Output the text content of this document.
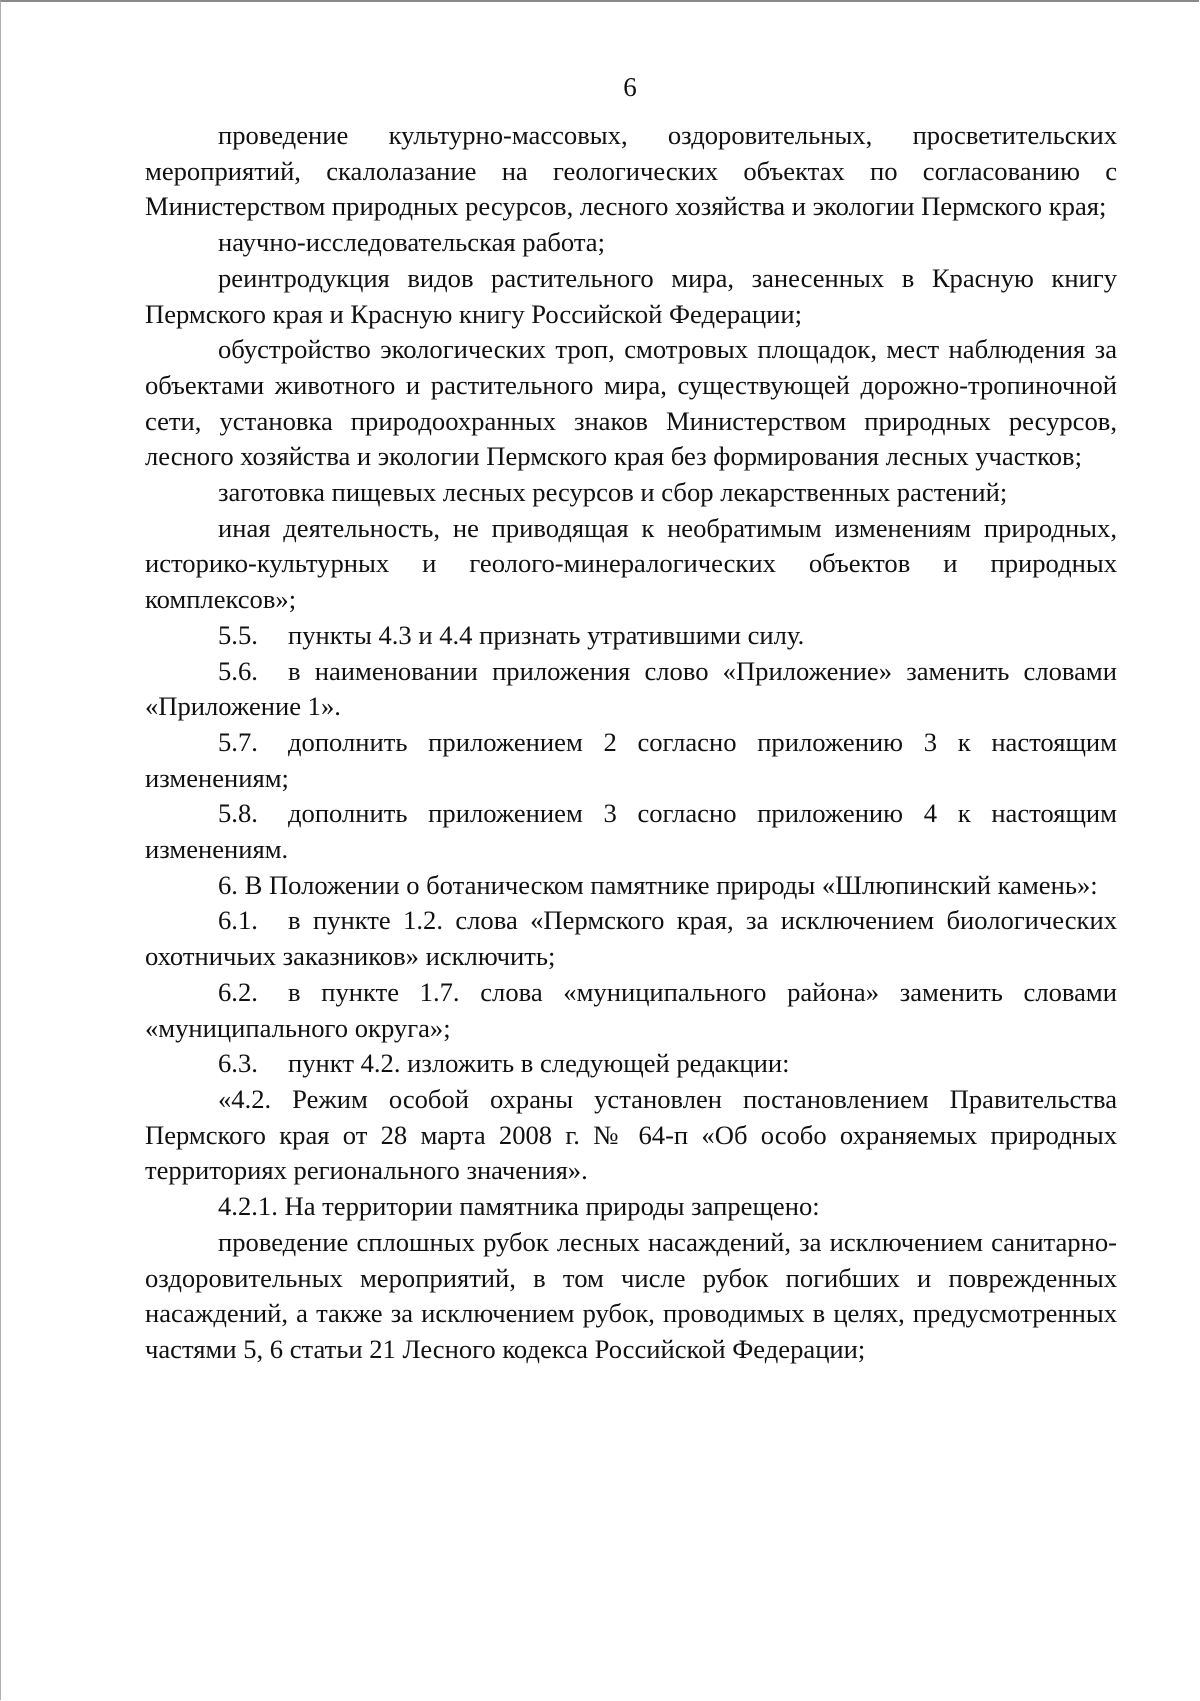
6

проведение культурно-массовых, оздоровительных, просветительских мероприятий, скалолазание на геологических объектах по согласованию с Министерством природных ресурсов, лесного хозяйства и экологии Пермского края;

научно-исследовательская работа;

реинтродукция видов растительного мира, занесенных в Красную книгу Пермского края и Красную книгу Российской Федерации;

обустройство экологических троп, смотровых площадок, мест наблюдения за объектами животного и растительного мира, существующей дорожно-тропиночной сети, установка природоохранных знаков Министерством природных ресурсов, лесного хозяйства и экологии Пермского края без формирования лесных участков;

заготовка пищевых лесных ресурсов и сбор лекарственных растений;

иная деятельность, не приводящая к необратимым изменениям природных, историко-культурных и геолого-минералогических объектов и природных комплексов»;

5.5. пункты 4.3 и 4.4 признать утратившими силу.

5.6. в наименовании приложения слово «Приложение» заменить словами «Приложение 1».

5.7. дополнить приложением 2 согласно приложению 3 к настоящим изменениям;

5.8. дополнить приложением 3 согласно приложению 4 к настоящим изменениям.

6. В Положении о ботаническом памятнике природы «Шлюпинский камень»:

6.1. в пункте 1.2. слова «Пермского края, за исключением биологических охотничьих заказников» исключить;

6.2. в пункте 1.7. слова «муниципального района» заменить словами «муниципального округа»;

6.3. пункт 4.2. изложить в следующей редакции:

«4.2. Режим особой охраны установлен постановлением Правительства Пермского края от 28 марта 2008 г. № 64-п «Об особо охраняемых природных территориях регионального значения».

4.2.1. На территории памятника природы запрещено:

проведение сплошных рубок лесных насаждений, за исключением санитарно-оздоровительных мероприятий, в том числе рубок погибших и поврежденных насаждений, а также за исключением рубок, проводимых в целях, предусмотренных частями 5, 6 статьи 21 Лесного кодекса Российской Федерации;
